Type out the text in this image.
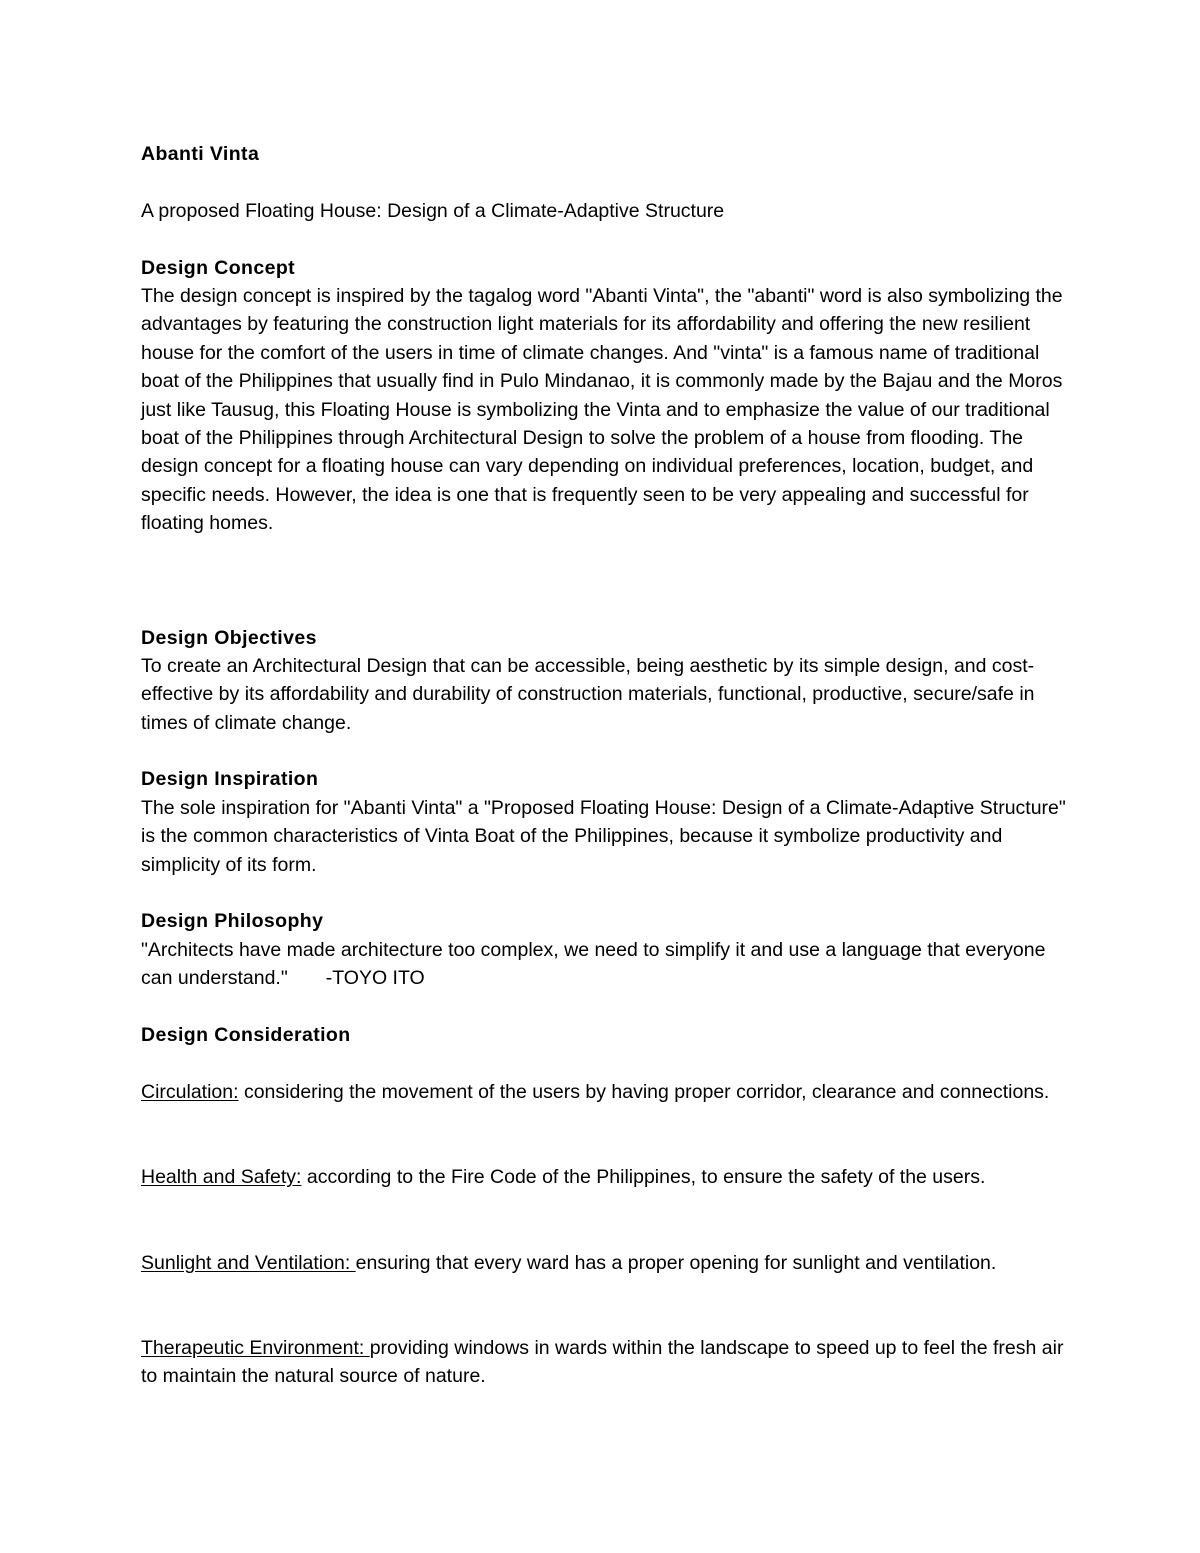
Abanti Vinta
A proposed Floating House: Design of a Climate-Adaptive Structure
Design Concept

The design concept is inspired by the tagalog word "Abanti Vinta", the "abanti" word is also symbolizing the advantages by featuring the construction light materials for its affordability and offering the new resilient house for the comfort of the users in time of climate changes. And "vinta" is a famous name of traditional boat of the Philippines that usually find in Pulo Mindanao, it is commonly made by the Bajau and the Moros just like Tausug, this Floating House is symbolizing the Vinta and to emphasize the value of our traditional boat of the Philippines through Architectural Design to solve the problem of a house from flooding. The design concept for a floating house can vary depending on individual preferences, location, budget, and specific needs. However, the idea is one that is frequently seen to be very appealing and successful for floating homes.

Design Objectives

To create an Architectural Design that can be accessible, being aesthetic by its simple design, and cost-effective by its affordability and durability of construction materials, functional, productive, secure/safe in times of climate change.

Design Inspiration

The sole inspiration for "Abanti Vinta" a "Proposed Floating House: Design of a Climate-Adaptive Structure" is the common characteristics of Vinta Boat of the Philippines, because it symbolize productivity and simplicity of its form.

Design Philosophy

"Architects have made architecture too complex, we need to simplify it and use a language that everyone can understand." -TOYO ITO

Design Consideration

Circulation: considering the movement of the users by having proper corridor, clearance and connections.

Health and Safety: according to the Fire Code of the Philippines, to ensure the safety of the users.

Sunlight and Ventilation: ensuring that every ward has a proper opening for sunlight and ventilation.

Therapeutic Environment: providing windows in wards within the landscape to speed up to feel the fresh air to maintain the natural source of nature.
